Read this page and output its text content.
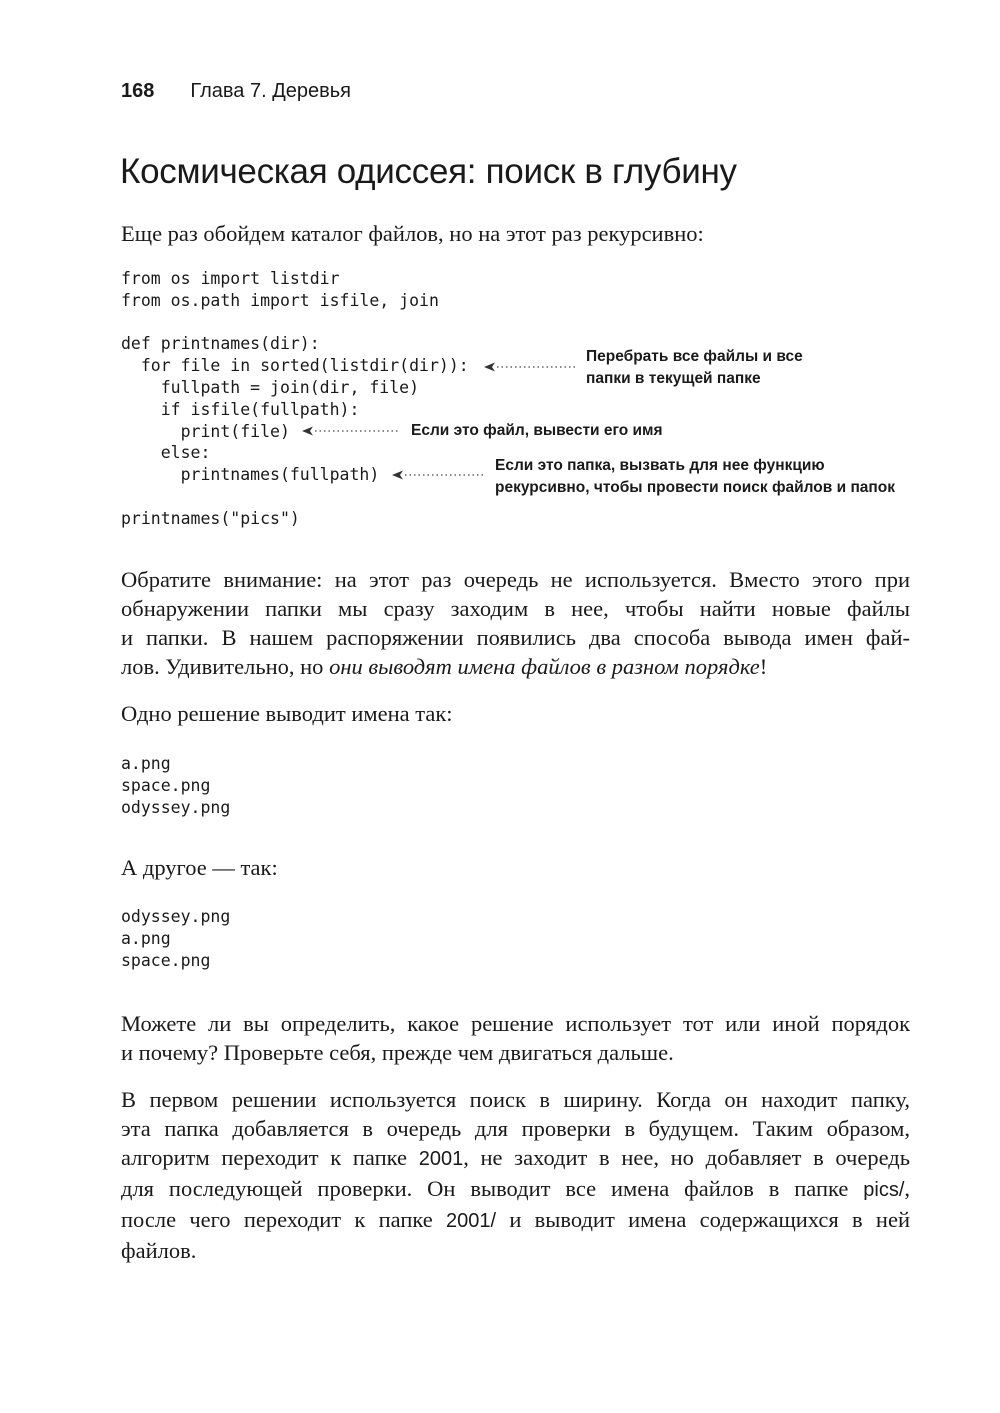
168 Глава 7. Деревья
Космическая одиссея: поиск в глубину

Еще раз обойдем каталог файлов, но на этот раз рекурсивно:

from os import listdir
from os.path import isfile, join
def printnames(dir):
for file in sorted(listdir(dir)):
fullpath = join(dir, file)
if isfile(fullpath):
print(file)
else:
printnames(fullpath)
printnames("pics")
Перебрать все файлы и все
папки в текущей папке
Если это файл, вывести его имя
Если это папка, вызвать для нее функцию
рекурсивно, чтобы провести поиск файлов и папок

Обратите внимание: на этот раз очередь не используется. Вместо этого при
обнаружении папки мы сразу заходим в нее, чтобы найти новые файлы
и папки. В нашем распоряжении появились два способа вывода имен фай-
лов. Удивительно, но они выводят имена файлов в разном порядке!

Одно решение выводит имена так:

a.png
space.png
odyssey.png

А другое — так:

odyssey.png
a.png
space.png

Можете ли вы определить, какое решение использует тот или иной порядок
и почему? Проверьте себя, прежде чем двигаться дальше.

В первом решении используется поиск в ширину. Когда он находит папку,
эта папка добавляется в очередь для проверки в будущем. Таким образом,
алгоритм переходит к папке 2001, не заходит в нее, но добавляет в очередь
для последующей проверки. Он выводит все имена файлов в папке pics/,
после чего переходит к папке 2001/ и выводит имена содержащихся в ней
файлов.
